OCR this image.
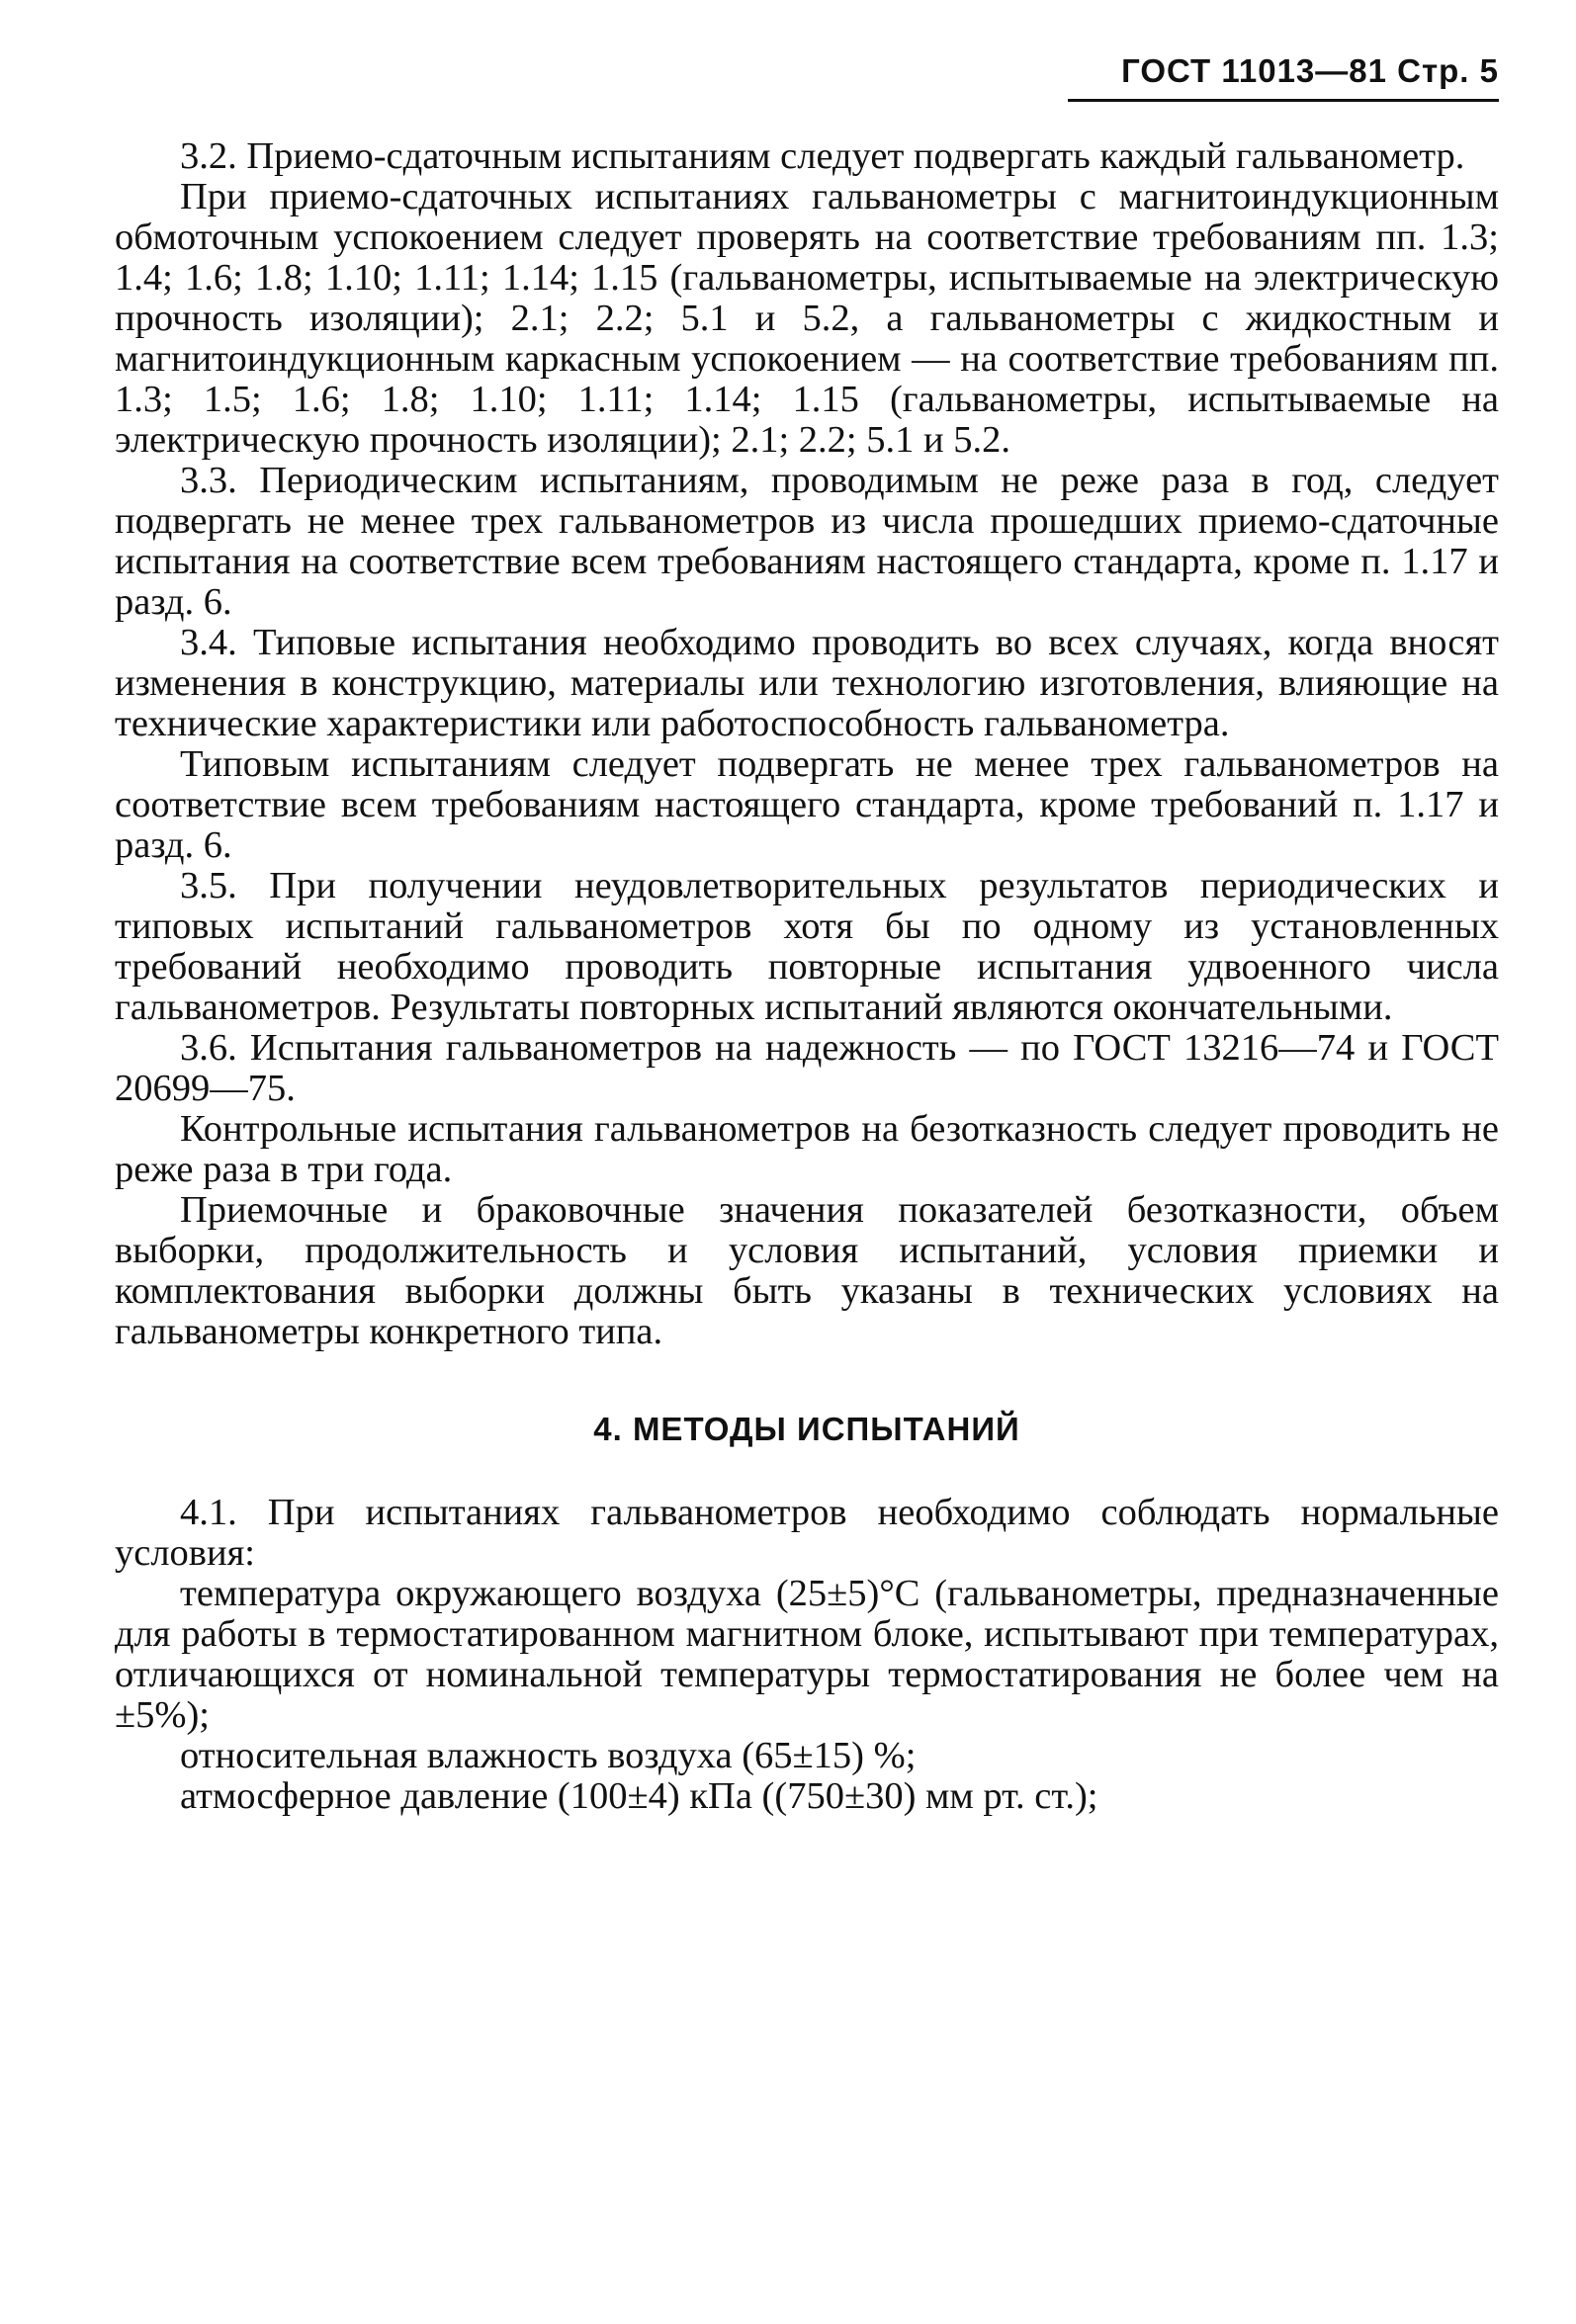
ГОСТ 11013—81 Стр. 5

3.2. Приемо-сдаточным испытаниям следует подвергать каждый гальванометр.

При приемо-сдаточных испытаниях гальванометры с магнитоиндукционным обмоточным успокоением следует проверять на соответствие требованиям пп. 1.3; 1.4; 1.6; 1.8; 1.10; 1.11; 1.14; 1.15 (гальванометры, испытываемые на электрическую прочность изоляции); 2.1; 2.2; 5.1 и 5.2, а гальванометры с жидкостным и магнитоиндукционным каркасным успокоением — на соответствие требованиям пп. 1.3; 1.5; 1.6; 1.8; 1.10; 1.11; 1.14; 1.15 (гальванометры, испытываемые на электрическую прочность изоляции); 2.1; 2.2; 5.1 и 5.2.

3.3. Периодическим испытаниям, проводимым не реже раза в год, следует подвергать не менее трех гальванометров из числа прошедших приемо-сдаточные испытания на соответствие всем требованиям настоящего стандарта, кроме п. 1.17 и разд. 6.

3.4. Типовые испытания необходимо проводить во всех случаях, когда вносят изменения в конструкцию, материалы или технологию изготовления, влияющие на технические характеристики или работоспособность гальванометра.

Типовым испытаниям следует подвергать не менее трех гальванометров на соответствие всем требованиям настоящего стандарта, кроме требований п. 1.17 и разд. 6.

3.5. При получении неудовлетворительных результатов периодических и типовых испытаний гальванометров хотя бы по одному из установленных требований необходимо проводить повторные испытания удвоенного числа гальванометров. Результаты повторных испытаний являются окончательными.

3.6. Испытания гальванометров на надежность — по ГОСТ 13216—74 и ГОСТ 20699—75.

Контрольные испытания гальванометров на безотказность следует проводить не реже раза в три года.

Приемочные и браковочные значения показателей безотказности, объем выборки, продолжительность и условия испытаний, условия приемки и комплектования выборки должны быть указаны в технических условиях на гальванометры конкретного типа.

4. МЕТОДЫ ИСПЫТАНИЙ

4.1. При испытаниях гальванометров необходимо соблюдать нормальные условия:

температура окружающего воздуха (25±5)°С (гальванометры, предназначенные для работы в термостатированном магнитном блоке, испытывают при температурах, отличающихся от номинальной температуры термостатирования не более чем на ±5%);

относительная влажность воздуха (65±15) %;

атмосферное давление (100±4) кПа ((750±30) мм рт. ст.);
